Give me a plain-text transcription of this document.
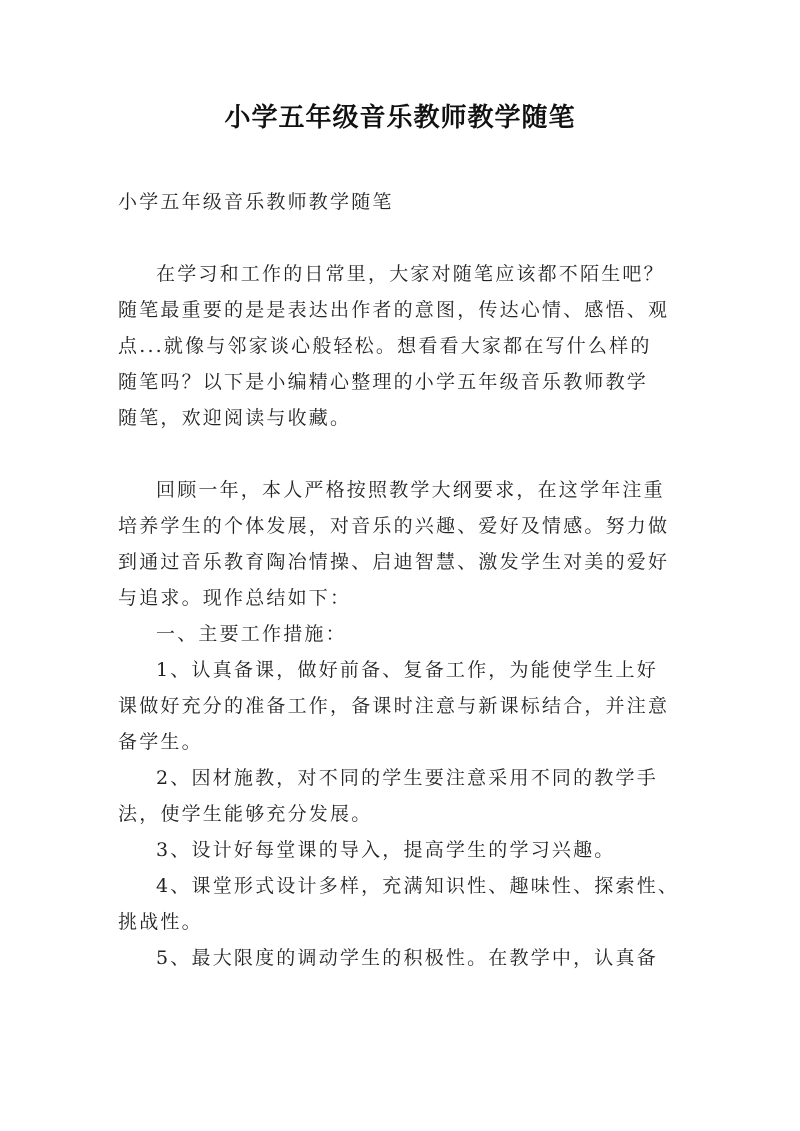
小学五年级音乐教师教学随笔

小学五年级音乐教师教学随笔

在学习和工作的日常里，大家对随笔应该都不陌生吧？
随笔最重要的是是表达出作者的意图，传达心情、感悟、观
点...就像与邻家谈心般轻松。想看看大家都在写什么样的
随笔吗？以下是小编精心整理的小学五年级音乐教师教学
随笔，欢迎阅读与收藏。

回顾一年，本人严格按照教学大纲要求，在这学年注重
培养学生的个体发展，对音乐的兴趣、爱好及情感。努力做
到通过音乐教育陶冶情操、启迪智慧、激发学生对美的爱好
与追求。现作总结如下：

一、主要工作措施：

1、认真备课，做好前备、复备工作，为能使学生上好
课做好充分的准备工作，备课时注意与新课标结合，并注意
备学生。

2、因材施教，对不同的学生要注意采用不同的教学手
法，使学生能够充分发展。

3、设计好每堂课的导入，提高学生的学习兴趣。

4、课堂形式设计多样，充满知识性、趣味性、探索性、
挑战性。

5、最大限度的调动学生的积极性。在教学中，认真备
